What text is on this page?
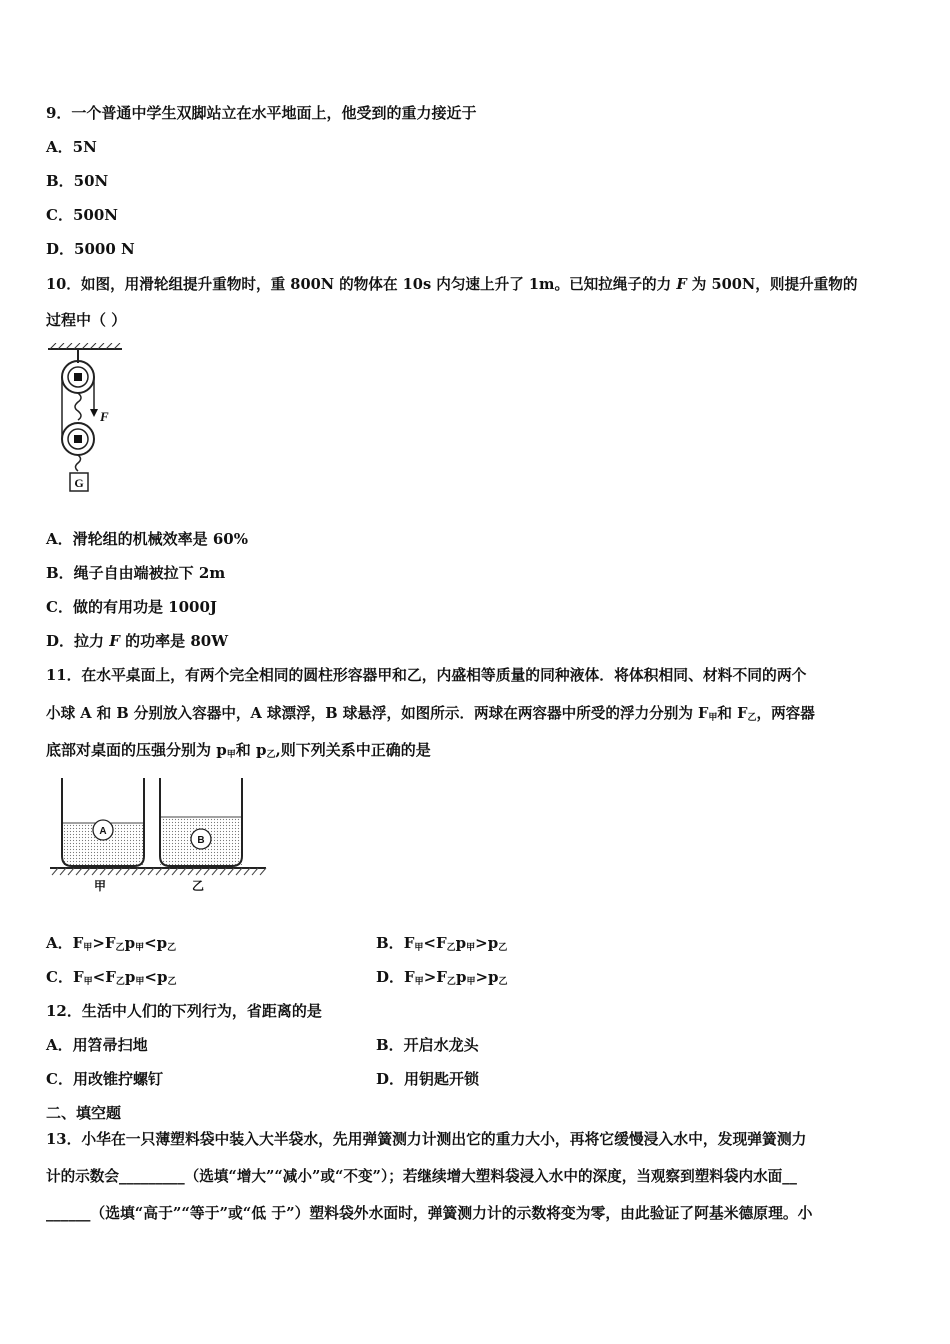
9．一个普通中学生双脚站立在水平地面上，他受到的重力接近于
A．5N
B．50N
C．500N
D．5000 N
10．如图，用滑轮组提升重物时，重 800N 的物体在 10s 内匀速上升了 1m。已知拉绳子的力 F 为 500N，则提升重物的
过程中（ ）
F
G
A．滑轮组的机械效率是 60%
B．绳子自由端被拉下 2m
C．做的有用功是 1000J
D．拉力 F 的功率是 80W
11．在水平桌面上，有两个完全相同的圆柱形容器甲和乙，内盛相等质量的同种液体．将体积相同、材料不同的两个
小球 A 和 B 分别放入容器中，A 球漂浮，B 球悬浮，如图所示．两球在两容器中所受的浮力分别为 $F_甲$和 $F_乙$，两容器
底部对桌面的压强分别为 $p_甲$和 $p_乙$,则下列关系中正确的是
A
B
甲	乙
A．$F_甲>F_乙p_甲<p_乙$	B．$F_甲<F_乙p_甲>p_乙$
C．$F_甲<F_乙p_甲<p_乙$	D．$F_甲>F_乙p_甲>p_乙$
12．生活中人们的下列行为，省距离的是
A．用笤帚扫地	B．开启水龙头
C．用改锥拧螺钉	D．用钥匙开锁
二、填空题
13．小华在一只薄塑料袋中装入大半袋水，先用弹簧测力计测出它的重力大小，再将它缓慢浸入水中，发现弹簧测力
计的示数会_________（选填“增大”“减小”或“不变”）；若继续增大塑料袋浸入水中的深度，当观察到塑料袋内水面__
______（选填“高于”“等于”或“低 于”）塑料袋外水面时，弹簧测力计的示数将变为零，由此验证了阿基米德原理。小
